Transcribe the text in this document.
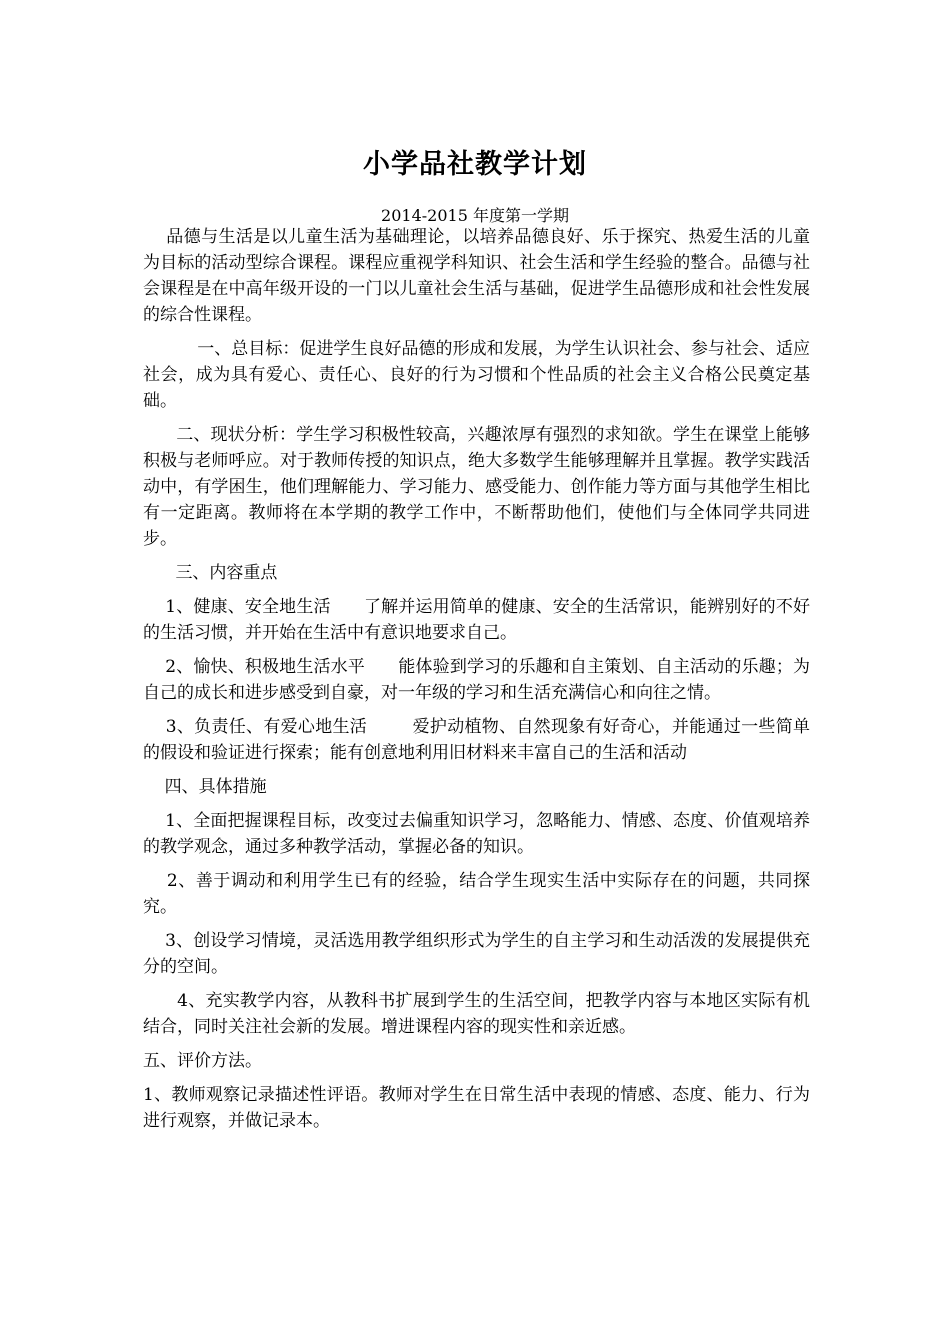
小学品社教学计划
2014-2015 年度第一学期

品德与生活是以儿童生活为基础理论，以培养品德良好、乐于探究、热爱生活的儿童为目标的活动型综合课程。课程应重视学科知识、社会生活和学生经验的整合。品德与社会课程是在中高年级开设的一门以儿童社会生活与基础，促进学生品德形成和社会性发展的综合性课程。

一、总目标：促进学生良好品德的形成和发展，为学生认识社会、参与社会、适应社会，成为具有爱心、责任心、良好的行为习惯和个性品质的社会主义合格公民奠定基础。

二、现状分析：学生学习积极性较高，兴趣浓厚有强烈的求知欲。学生在课堂上能够积极与老师呼应。对于教师传授的知识点，绝大多数学生能够理解并且掌握。教学实践活动中，有学困生，他们理解能力、学习能力、感受能力、创作能力等方面与其他学生相比有一定距离。教师将在本学期的教学工作中，不断帮助他们，使他们与全体同学共同进步。

三、内容重点

1、健康、安全地生活      了解并运用简单的健康、安全的生活常识，能辨别好的不好的生活习惯，并开始在生活中有意识地要求自己。

2、愉快、积极地生活水平      能体验到学习的乐趣和自主策划、自主活动的乐趣；为自己的成长和进步感受到自豪，对一年级的学习和生活充满信心和向往之情。

3、负责任、有爱心地生活        爱护动植物、自然现象有好奇心，并能通过一些简单的假设和验证进行探索；能有创意地利用旧材料来丰富自己的生活和活动

四、具体措施

1、全面把握课程目标，改变过去偏重知识学习，忽略能力、情感、态度、价值观培养的教学观念，通过多种教学活动，掌握必备的知识。

2、善于调动和利用学生已有的经验，结合学生现实生活中实际存在的问题，共同探究。

3、创设学习情境，灵活选用教学组织形式为学生的自主学习和生动活泼的发展提供充分的空间。

4、充实教学内容，从教科书扩展到学生的生活空间，把教学内容与本地区实际有机结合，同时关注社会新的发展。增进课程内容的现实性和亲近感。

五、评价方法。

1、教师观察记录描述性评语。教师对学生在日常生活中表现的情感、态度、能力、行为进行观察，并做记录本。
